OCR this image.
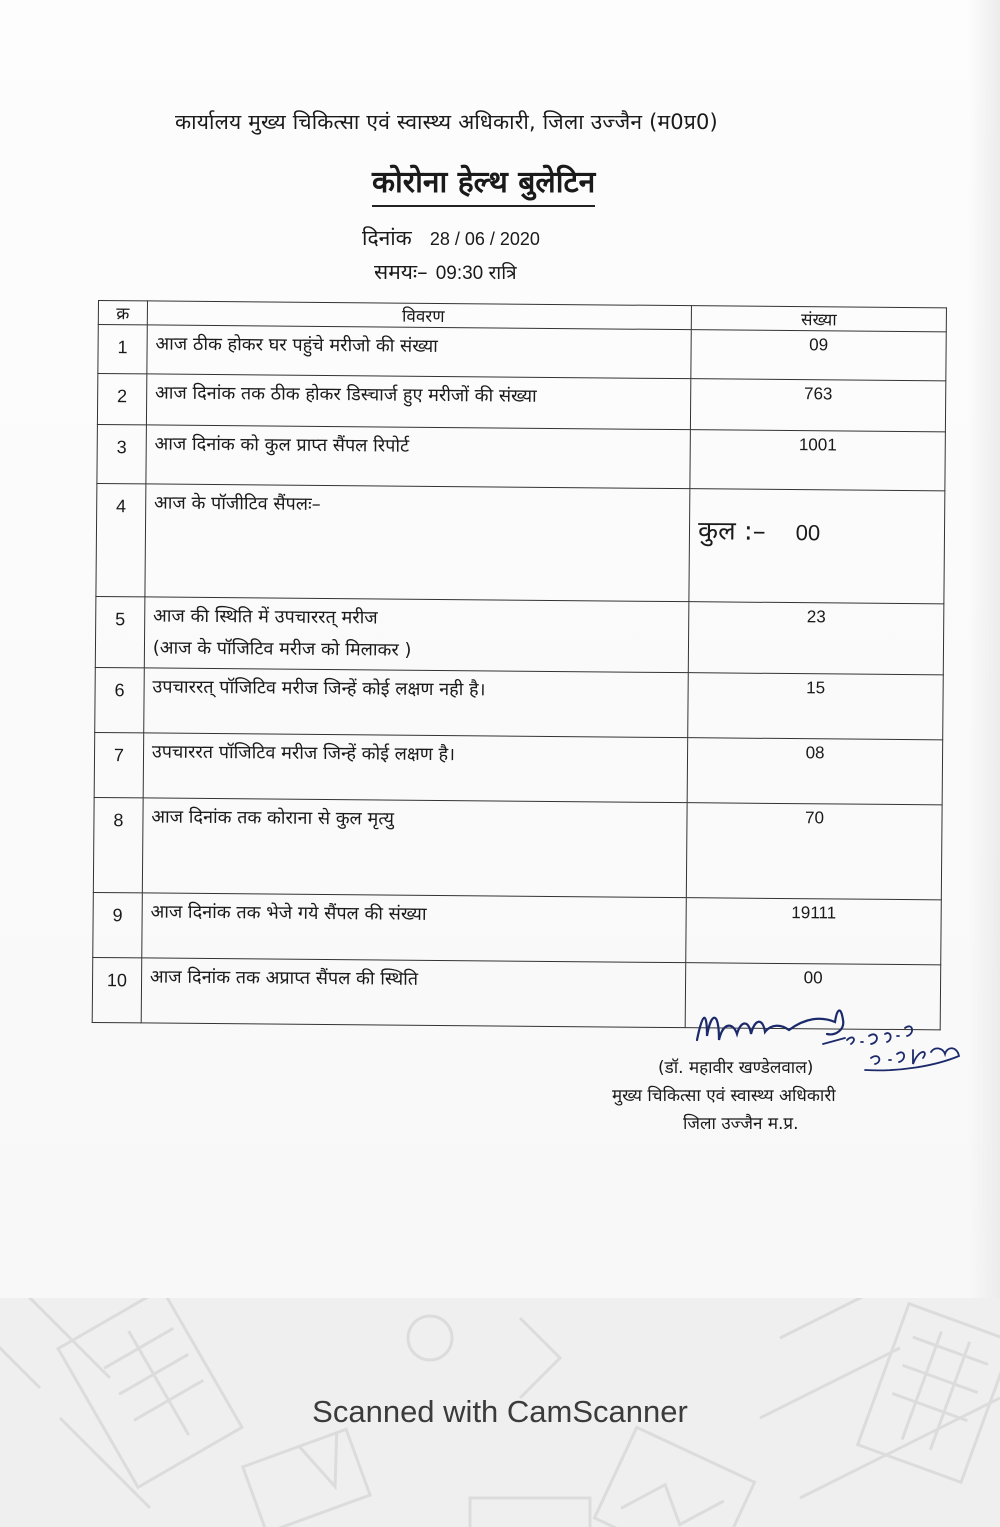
कार्यालय मुख्य चिकित्सा एवं स्वास्थ्य अधिकारी, जिला उज्जैन (म0प्र0)
कोरोना हेल्थ बुलेटिन
दिनांक 28 / 06 / 2020
समयः– 09:30 रात्रि
क्र	विवरण	संख्या
1	आज ठीक होकर घर पहुंचे मरीजो की संख्या	09
2	आज दिनांक तक ठीक होकर डिस्चार्ज हुए मरीजों की संख्या	763
3	आज दिनांक को कुल प्राप्त सैंपल रिपोर्ट	1001
4	आज के पॉजीटिव सैंपलः–	कुल :– 00

5	आज की स्थिति में उपचाररत् मरीज
(आज के पॉजिटिव मरीज को मिलाकर )	23
6	उपचाररत् पॉजिटिव मरीज जिन्हें कोई लक्षण नही है।	15
7	उपचाररत पॉजिटिव मरीज जिन्हें कोई लक्षण है।	08
8	आज दिनांक तक कोराना से कुल मृत्यु	70
9	आज दिनांक तक भेजे गये सैंपल की संख्या	19111
10	आज दिनांक तक अप्राप्त सैंपल की स्थिति	00
(डॉ. महावीर खण्डेलवाल)
मुख्य चिकित्सा एवं स्वास्थ्य अधिकारी
जिला उज्जैन म.प्र.
Scanned with CamScanner
